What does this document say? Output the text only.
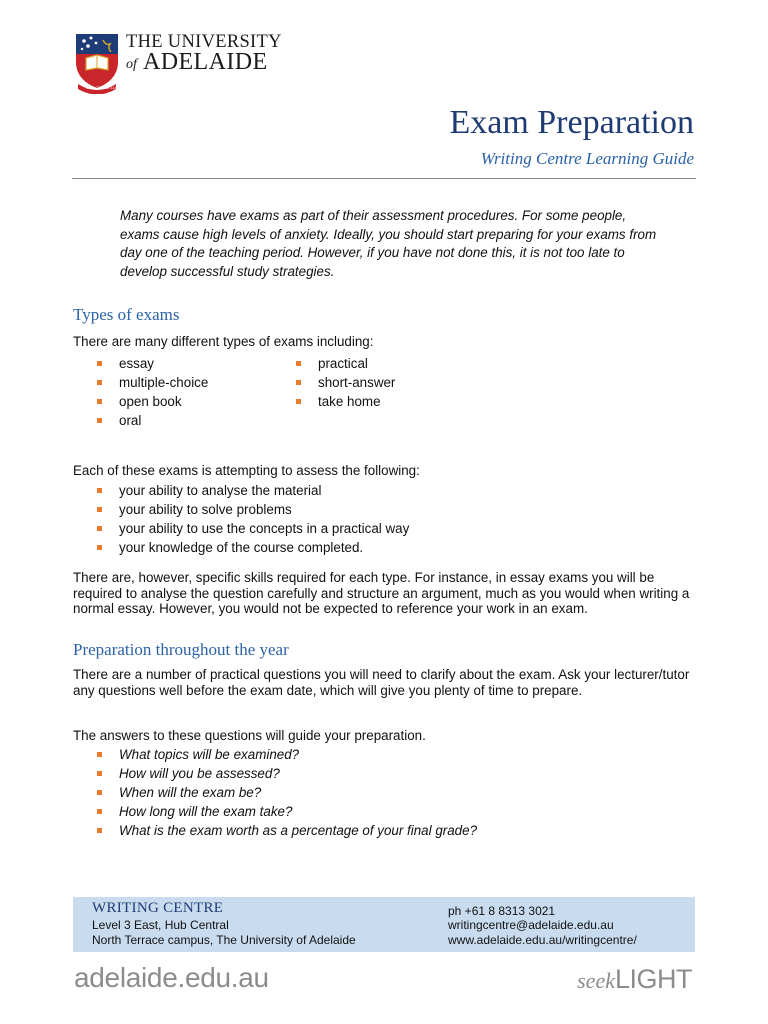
THE UNIVERSITY
of ADELAIDE
SUB CRUCE LUMEN
Exam Preparation
Writing Centre Learning Guide
Many courses have exams as part of their assessment procedures. For some people, exams cause high levels of anxiety. Ideally, you should start preparing for your exams from day one of the teaching period. However, if you have not done this, it is not too late to develop successful study strategies.
Types of exams
There are many different types of exams including:
essay
multiple-choice
open book
oral
practical
short-answer
take home
Each of these exams is attempting to assess the following:
your ability to analyse the material
your ability to solve problems
your ability to use the concepts in a practical way
your knowledge of the course completed.
There are, however, specific skills required for each type. For instance, in essay exams you will be required to analyse the question carefully and structure an argument, much as you would when writing a normal essay. However, you would not be expected to reference your work in an exam.
Preparation throughout the year
There are a number of practical questions you will need to clarify about the exam. Ask your lecturer/tutor any questions well before the exam date, which will give you plenty of time to prepare.
The answers to these questions will guide your preparation.
What topics will be examined?
How will you be assessed?
When will the exam be?
How long will the exam take?
What is the exam worth as a percentage of your final grade?
WRITING CENTRE
Level 3 East, Hub Central
North Terrace campus, The University of Adelaide
ph +61 8 8313 3021
writingcentre@adelaide.edu.au
www.adelaide.edu.au/writingcentre/
adelaide.edu.au	seekLIGHT
